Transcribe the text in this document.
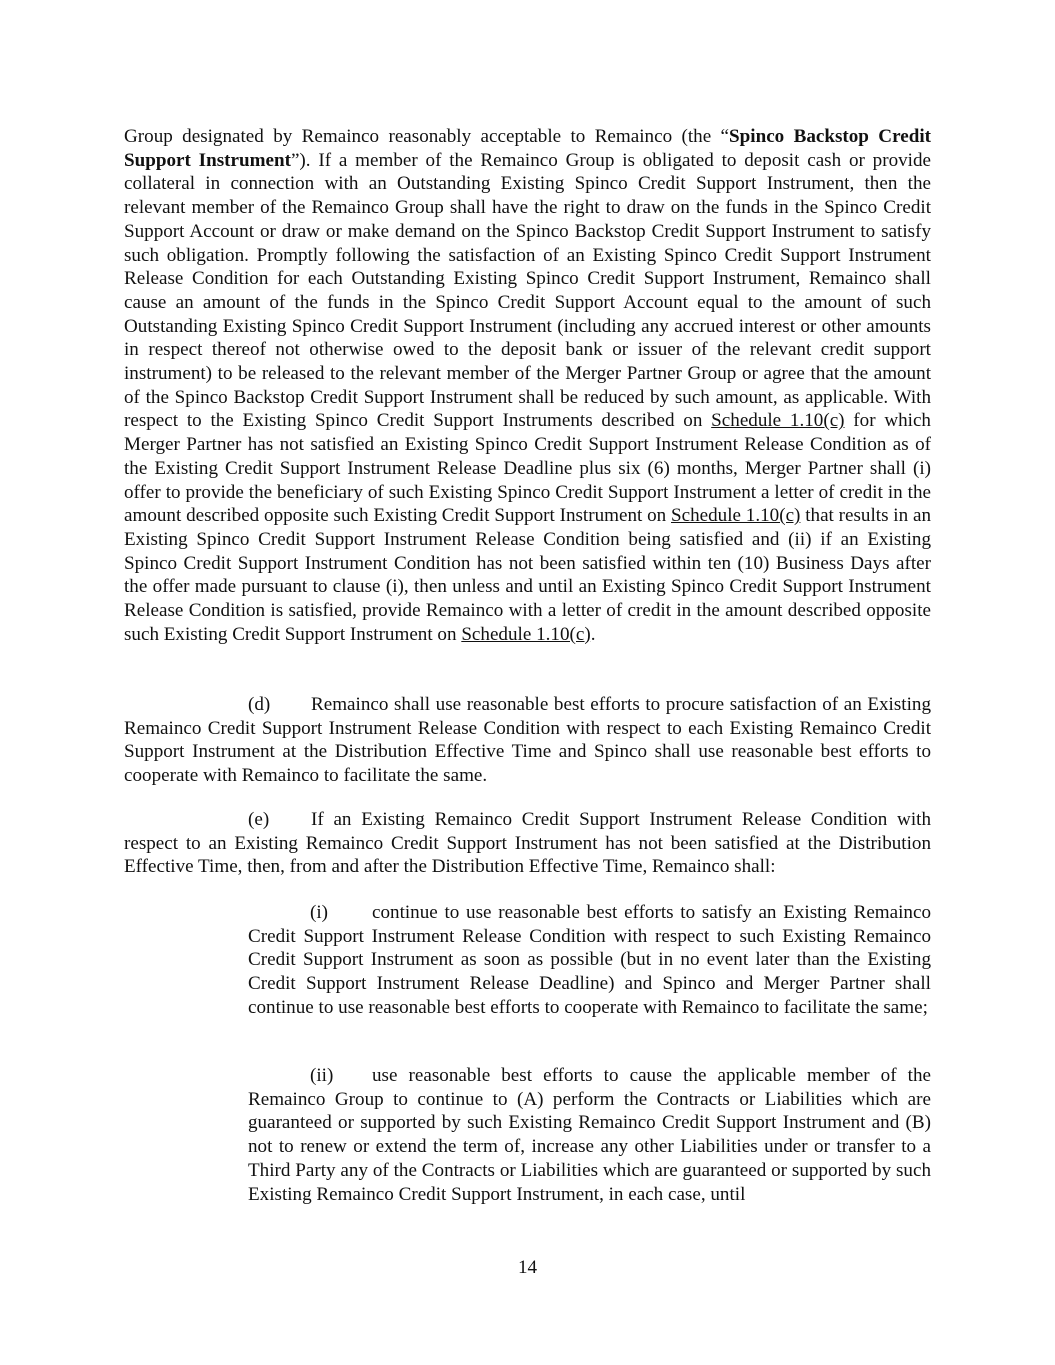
Group designated by Remainco reasonably acceptable to Remainco (the “Spinco Backstop Credit Support Instrument”). If a member of the Remainco Group is obligated to deposit cash or provide collateral in connection with an Outstanding Existing Spinco Credit Support Instrument, then the relevant member of the Remainco Group shall have the right to draw on the funds in the Spinco Credit Support Account or draw or make demand on the Spinco Backstop Credit Support Instrument to satisfy such obligation. Promptly following the satisfaction of an Existing Spinco Credit Support Instrument Release Condition for each Outstanding Existing Spinco Credit Support Instrument, Remainco shall cause an amount of the funds in the Spinco Credit Support Account equal to the amount of such Outstanding Existing Spinco Credit Support Instrument (including any accrued interest or other amounts in respect thereof not otherwise owed to the deposit bank or issuer of the relevant credit support instrument) to be released to the relevant member of the Merger Partner Group or agree that the amount of the Spinco Backstop Credit Support Instrument shall be reduced by such amount, as applicable. With respect to the Existing Spinco Credit Support Instruments described on Schedule 1.10(c) for which Merger Partner has not satisfied an Existing Spinco Credit Support Instrument Release Condition as of the Existing Credit Support Instrument Release Deadline plus six (6) months, Merger Partner shall (i) offer to provide the beneficiary of such Existing Spinco Credit Support Instrument a letter of credit in the amount described opposite such Existing Credit Support Instrument on Schedule 1.10(c) that results in an Existing Spinco Credit Support Instrument Release Condition being satisfied and (ii) if an Existing Spinco Credit Support Instrument Condition has not been satisfied within ten (10) Business Days after the offer made pursuant to clause (i), then unless and until an Existing Spinco Credit Support Instrument Release Condition is satisfied, provide Remainco with a letter of credit in the amount described opposite such Existing Credit Support Instrument on Schedule 1.10(c).

(d) Remainco shall use reasonable best efforts to procure satisfaction of an Existing Remainco Credit Support Instrument Release Condition with respect to each Existing Remainco Credit Support Instrument at the Distribution Effective Time and Spinco shall use reasonable best efforts to cooperate with Remainco to facilitate the same.

(e) If an Existing Remainco Credit Support Instrument Release Condition with respect to an Existing Remainco Credit Support Instrument has not been satisfied at the Distribution Effective Time, then, from and after the Distribution Effective Time, Remainco shall:

(i) continue to use reasonable best efforts to satisfy an Existing Remainco Credit Support Instrument Release Condition with respect to such Existing Remainco Credit Support Instrument as soon as possible (but in no event later than the Existing Credit Support Instrument Release Deadline) and Spinco and Merger Partner shall continue to use reasonable best efforts to cooperate with Remainco to facilitate the same;

(ii) use reasonable best efforts to cause the applicable member of the Remainco Group to continue to (A) perform the Contracts or Liabilities which are guaranteed or supported by such Existing Remainco Credit Support Instrument and (B) not to renew or extend the term of, increase any other Liabilities under or transfer to a Third Party any of the Contracts or Liabilities which are guaranteed or supported by such Existing Remainco Credit Support Instrument, in each case, until

14
